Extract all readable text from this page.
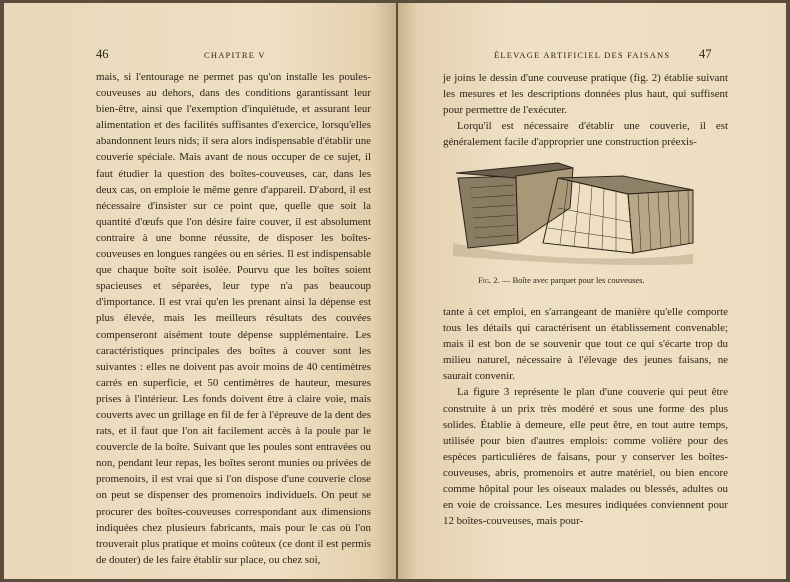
46	CHAPITRE V

mais, si l'entourage ne permet pas qu'on installe les poules-couveuses au dehors, dans des conditions garantissant leur bien-être, ainsi que l'exemption d'inquiétude, et assurant leur alimentation et des facilités suffisantes d'exercice, lorsqu'elles abandonnent leurs nids; il sera alors indispensable d'établir une couverie spéciale. Mais avant de nous occuper de ce sujet, il faut étudier la question des boîtes-couveuses, car, dans les deux cas, on emploie le même genre d'appareil. D'abord, il est nécessaire d'insister sur ce point que, quelle que soit la quantité d'œufs que l'on désire faire couver, il est absolument contraire à une bonne réussite, de disposer les boîtes-couveuses en longues rangées ou en séries. Il est indispensable que chaque boîte soit isolée. Pourvu que les boîtes soient spacieuses et séparées, leur type n'a pas beaucoup d'importance. Il est vrai qu'en les prenant ainsi la dépense est plus élevée, mais les meilleurs résultats des couvées compenseront aisément toute dépense supplémentaire. Les caractéristiques principales des boîtes à couver sont les suivantes : elles ne doivent pas avoir moins de 40 centimètres carrés en superficie, et 50 centimètres de hauteur, mesures prises à l'intérieur. Les fonds doivent être à claire voie, mais couverts avec un grillage en fil de fer à l'épreuve de la dent des rats, et il faut que l'on ait facilement accès à la poule par le couvercle de la boîte. Suivant que les poules sont entravées ou non, pendant leur repas, les boîtes seront munies ou privées de promenoirs, il est vrai que si l'on dispose d'une couverie close on peut se dispenser des promenoirs individuels. On peut se procurer des boîtes-couveuses correspondant aux dimensions indiquées chez plusieurs fabricants, mais pour le cas où l'on trouverait plus pratique et moins coûteux (ce dont il est permis de douter) de les faire établir sur place, ou chez soi,

ÉLEVAGE ARTIFICIEL DES FAISANS 47

je joins le dessin d'une couveuse pratique (fig. 2) établie suivant les mesures et les descriptions données plus haut, qui suffisent pour permettre de l'exécuter.

Lorqu'il est nécessaire d'établir une couverie, il est généralement facile d'approprier une construction préexis-

Fig. 2. — Boîte avec parquet pour les couveuses.

tante à cet emploi, en s'arrangeant de manière qu'elle comporte tous les détails qui caractérisent un établissement convenable; mais il est bon de se souvenir que tout ce qui s'écarte trop du milieu naturel, nécessaire à l'élevage des jeunes faisans, ne saurait convenir.

La figure 3 représente le plan d'une couverie qui peut être construite à un prix très modéré et sous une forme des plus solides. Établie à demeure, elle peut être, en tout autre temps, utilisée pour bien d'autres emplois: comme volière pour des espèces particulières de faisans, pour y conserver les boîtes-couveuses, abris, promenoirs et autre matériel, ou bien encore comme hôpital pour les oiseaux malades ou blessés, adultes ou en voie de croissance. Les mesures indiquées conviennent pour 12 boîtes-couveuses, mais pour-
